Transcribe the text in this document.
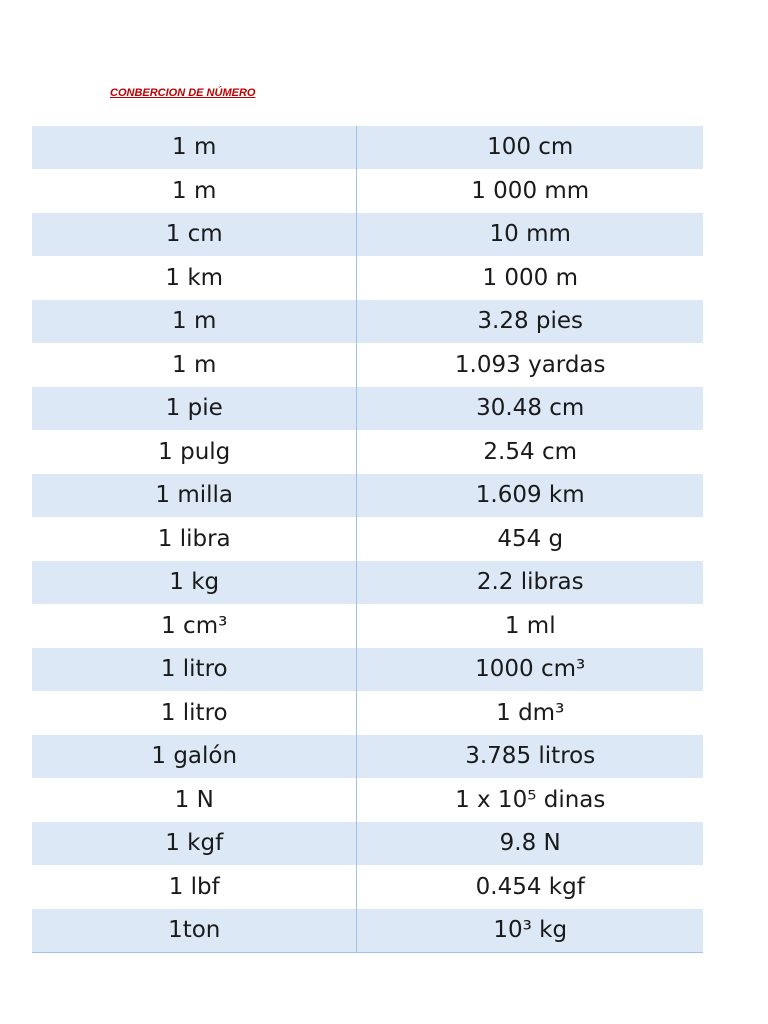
CONBERCION DE NÚMERO
1 m	100 cm
1 m	1 000 mm
1 cm	10 mm
1 km	1 000 m
1 m	3.28 pies
1 m	1.093 yardas
1 pie	30.48 cm
1 pulg	2.54 cm
1 milla	1.609 km
1 libra	454 g
1 kg	2.2 libras
1 cm³	1 ml
1 litro	1000 cm³
1 litro	1 dm³
1 galón	3.785 litros
1 N	1 x 10⁵ dinas
1 kgf	9.8 N
1 lbf	0.454 kgf
1ton	10³ kg
